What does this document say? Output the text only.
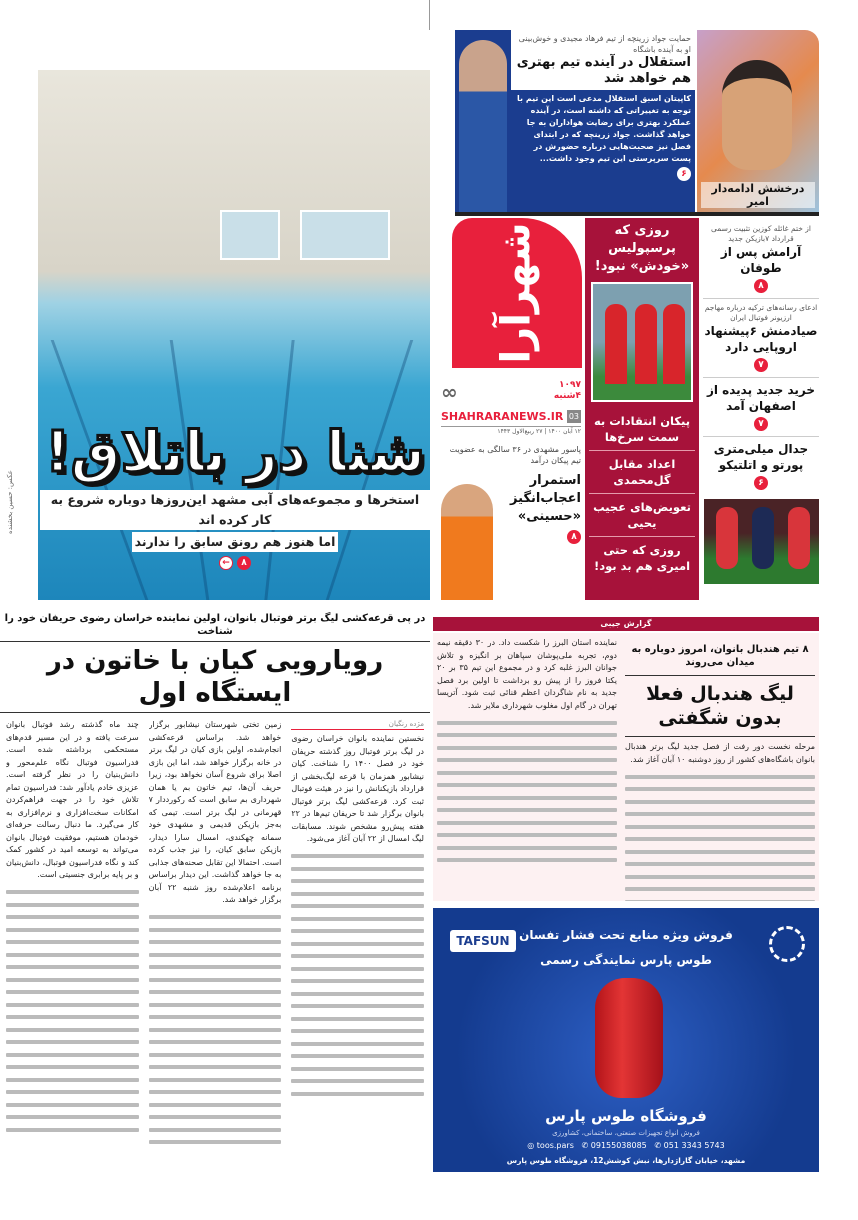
عکس: حسین بخشنده
شنا در باتلاق!
استخرها و مجموعه‌های آبی مشهد این‌روزها دوباره شروع به کار کرده اند
اما هنوز هم رونق سابق را ندارند
۸
←
حمایت جواد زرینچه از تیم فرهاد مجیدی و خوش‌بینی او به آینده باشگاه
استقلال در آینده تیم بهتری هم خواهد شد
کاپیتان اسبق استقلال مدعی است این تیم با توجه به تغییراتی که داشته است، در آینده عملکرد بهتری برای رضایت هواداران به جا خواهد گذاشت. جواد زرینچه که در ابتدای فصل نیز صحبت‌هایی درباره حضورش در پست سرپرستی این تیم وجود داشت...
۶
درخشش ادامه‌دار امیر
شهرآرا	روزی که پرسپولیس «خودش» نبود!
پیکان انتقادات به سمت سرخ‌ها
اعداد مقابل گل‌محمدی
تعویض‌های عجیب یحیی
روزی که حتی امیری هم بد بود!
از ختم غائله کوزین تثبیت رسمی قرارداد ۷بازیکن جدید
آرامش پس از طوفان
۸
ادعای رسانه‌های ترکیه درباره مهاجم ارزیونر فوتبال ایران
صیادمنش ۶پیشنهاد اروپایی دارد
۷
خرید جدید پدیده از اصفهان آمد
۷
جدال میلی‌متری پورتو و اتلتیکو
۶
∞	۱۰۹۷
۴شنبه
SHAHRARANEWS.IR 03
۱۲ آبان ۱۴۰۰ | ۲۷ ربیع‌الاول ۱۴۴۳
پاسور مشهدی در ۳۶ سالگی به عضویت تیم پیکان درآمد
استمرار اعجاب‌انگیز «حسینی»
۸
در پی قرعه‌کشی لیگ برتر فوتبال بانوان، اولین نماینده خراسان رضوی حریفان خود را شناخت
رویارویی کیان با خاتون در ایستگاه اول
مژده رنگیان
نخستین نماینده بانوان خراسان رضوی در لیگ برتر فوتبال روز گذشته حریفان خود در فصل ۱۴۰۰ را شناخت. کیان نیشابور همزمان با قرعه لیگ‌بخشی از قرارداد بازیکنانش را نیز در هیئت فوتبال ثبت کرد. قرعه‌کشی لیگ برتر فوتبال بانوان برگزار شد تا حریفان تیم‌ها در ۲۲ هفته پیش‌رو مشخص شوند. مسابقات لیگ امسال از ۲۲ آبان آغاز می‌شود.
زمین تختی شهرستان نیشابور برگزار خواهد شد. براساس قرعه‌کشی انجام‌شده، اولین بازی کیان در لیگ برتر در خانه برگزار خواهد شد، اما این بازی اصلا برای شروع آسان نخواهد بود، زیرا حریف آن‌ها، تیم خاتون بم یا همان شهرداری بم سابق است که رکورددار ۷ قهرمانی در لیگ برتر است. تیمی که به‌جز بازیکن قدیمی و مشهدی خود سمانه چهکندی، امسال سارا دیدار، بازیکن سابق کیان، را نیز جذب کرده است. احتمالا این تقابل صحنه‌های جذابی به جا خواهد گذاشت. این دیدار براساس برنامه اعلام‌شده روز شنبه ۲۲ آبان برگزار خواهد شد.
چند ماه گذشته رشد فوتبال بانوان سرعت یافته و در این مسیر قدم‌های مستحکمی برداشته شده است. فدراسیون فوتبال نگاه علم‌محور و دانش‌بنیان را در نظر گرفته است. عزیزی خادم یادآور شد: فدراسیون تمام تلاش خود را در جهت فراهم‌کردن امکانات سخت‌افزاری و نرم‌افزاری به کار می‌گیرد. ما دنبال رسالت حرفه‌ای خودمان هستیم، موفقیت فوتبال بانوان می‌تواند به توسعه امید در کشور کمک کند و نگاه فدراسیون فوتبال، دانش‌بنیان و بر پایه برابری جنسیتی است.
گزارش جیبی
۸ تیم هندبال بانوان، امروز دوباره به میدان می‌روند
لیگ هندبال فعلا بدون شگفتی
مرحله نخست دور رفت از فصل جدید لیگ برتر هندبال بانوان باشگاه‌های کشور از روز دوشنبه ۱۰ آبان آغاز شد.
نماینده استان البرز را شکست داد. در ۳۰ دقیقه نیمه دوم، تجربه ملی‌پوشان سپاهان بر انگیزه و تلاش جوانان البرز غلبه کرد و در مجموع این تیم ۳۵ بر ۲۰ یکتا فروز را از پیش رو برداشت تا اولین برد فصل جدید به نام شاگردان اعظم قنائی ثبت شود. آتریسا تهران در گام اول مغلوب شهرداری ملایر شد.
TAFSUN فروش ویژه منابع تحت فشار تفسان
طوس پارس نمایندگی رسمی
فروشگاه طوس پارس
فروش انواع تجهیزات صنعتی، ساختمانی، کشاورزی
◎ toos.pars ✆ 09155038085 ✆ 051 3343 5743
مشهد، خیابان گاراژدارها، نبش کوشش12، فروشگاه طوس پارس
